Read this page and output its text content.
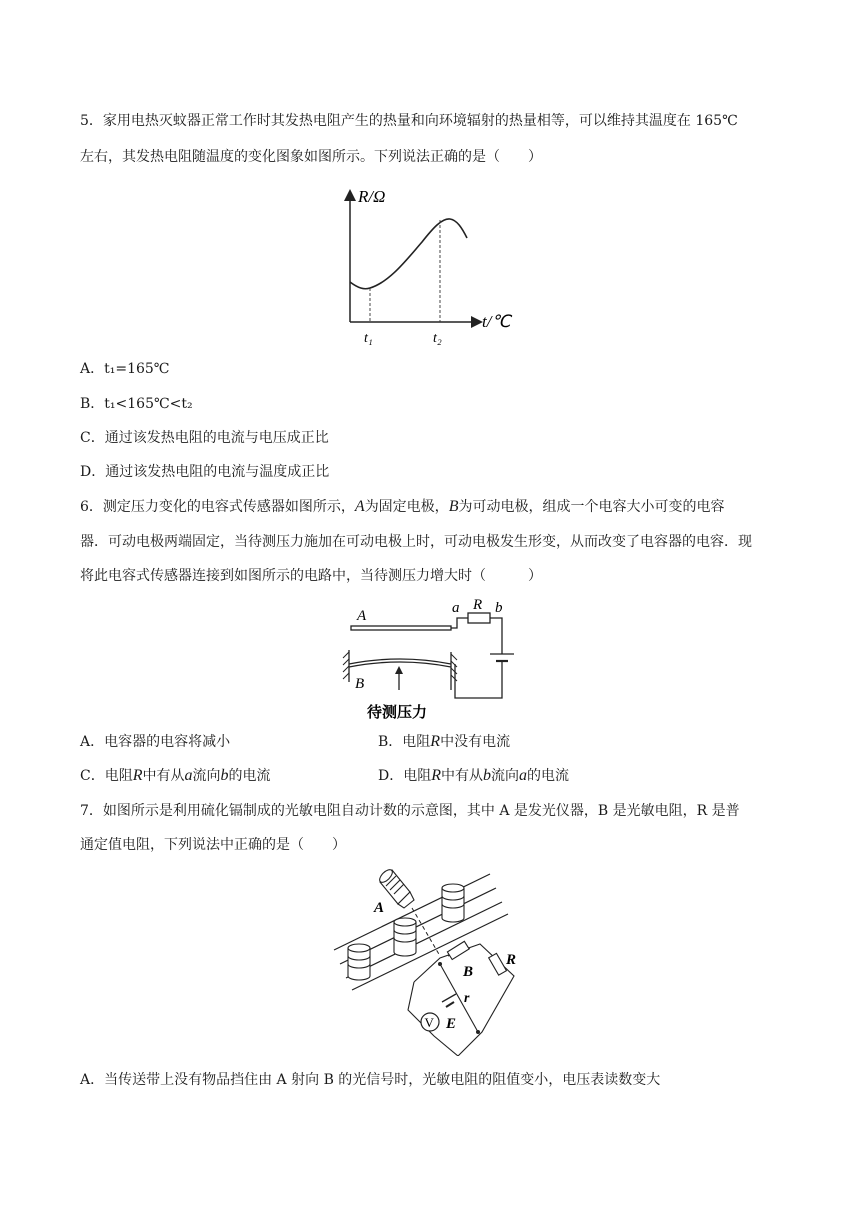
5．家用电热灭蚊器正常工作时其发热电阻产生的热量和向环境辐射的热量相等，可以维持其温度在 165℃
左右，其发热电阻随温度的变化图象如图所示。下列说法正确的是（　　）
R/Ω
t/℃
t₁	t₂
A．t₁=165℃
B．t₁<165℃<t₂
C．通过该发热电阻的电流与电压成正比
D．通过该发热电阻的电流与温度成正比
6．测定压力变化的电容式传感器如图所示，A为固定电极，B为可动电极，组成一个电容大小可变的电容
器．可动电极两端固定，当待测压力施加在可动电极上时，可动电极发生形变，从而改变了电容器的电容．现
将此电容式传感器连接到如图所示的电路中，当待测压力增大时（　　　）
A	a R b
B
待测压力
A．电容器的电容将减小	B．电阻R中没有电流
C．电阻R中有从a流向b的电流	D．电阻R中有从b流向a的电流
7．如图所示是利用硫化镉制成的光敏电阻自动计数的示意图，其中 A 是发光仪器，B 是光敏电阻，R 是普
通定值电阻，下列说法中正确的是（　　）
A
B
R
r
E
V
A．当传送带上没有物品挡住由 A 射向 B 的光信号时，光敏电阻的阻值变小，电压表读数变大
